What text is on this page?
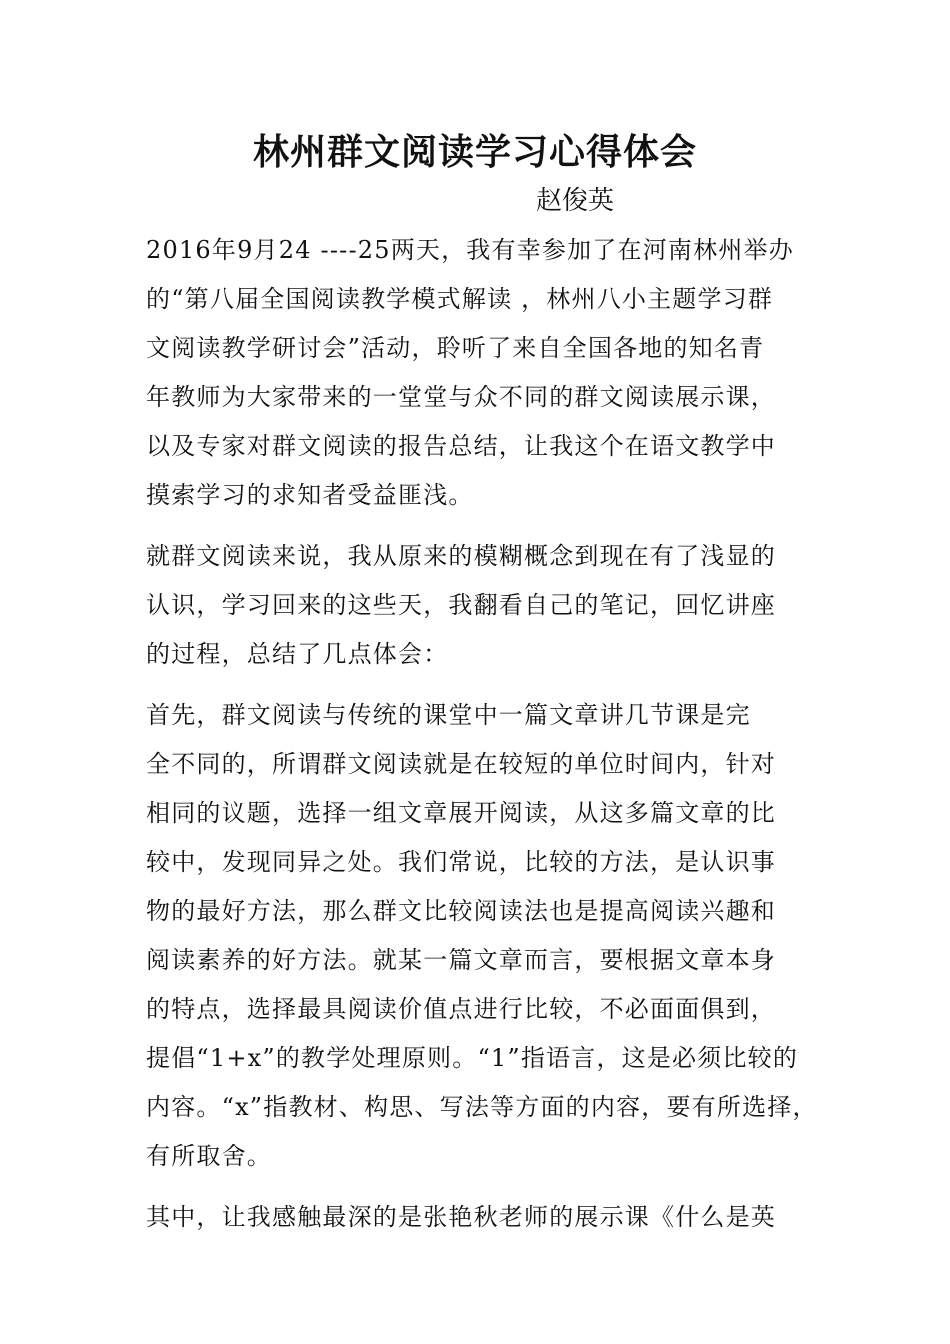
林州群文阅读学习心得体会
赵俊英
2016年9月24 ----25两天，我有幸参加了在河南林州举办
的“第八届全国阅读教学模式解读 ，林州八小主题学习群
文阅读教学研讨会”活动，聆听了来自全国各地的知名青
年教师为大家带来的一堂堂与众不同的群文阅读展示课，
以及专家对群文阅读的报告总结，让我这个在语文教学中
摸索学习的求知者受益匪浅。
就群文阅读来说，我从原来的模糊概念到现在有了浅显的
认识，学习回来的这些天，我翻看自己的笔记，回忆讲座
的过程，总结了几点体会：
首先，群文阅读与传统的课堂中一篇文章讲几节课是完
全不同的，所谓群文阅读就是在较短的单位时间内，针对
相同的议题，选择一组文章展开阅读，从这多篇文章的比
较中，发现同异之处。我们常说，比较的方法，是认识事
物的最好方法，那么群文比较阅读法也是提高阅读兴趣和
阅读素养的好方法。就某一篇文章而言，要根据文章本身
的特点，选择最具阅读价值点进行比较，不必面面俱到，
提倡“1+x”的教学处理原则。“1”指语言，这是必须比较的
内容。“x”指教材、构思、写法等方面的内容，要有所选择，
有所取舍。
其中，让我感触最深的是张艳秋老师的展示课《什么是英
